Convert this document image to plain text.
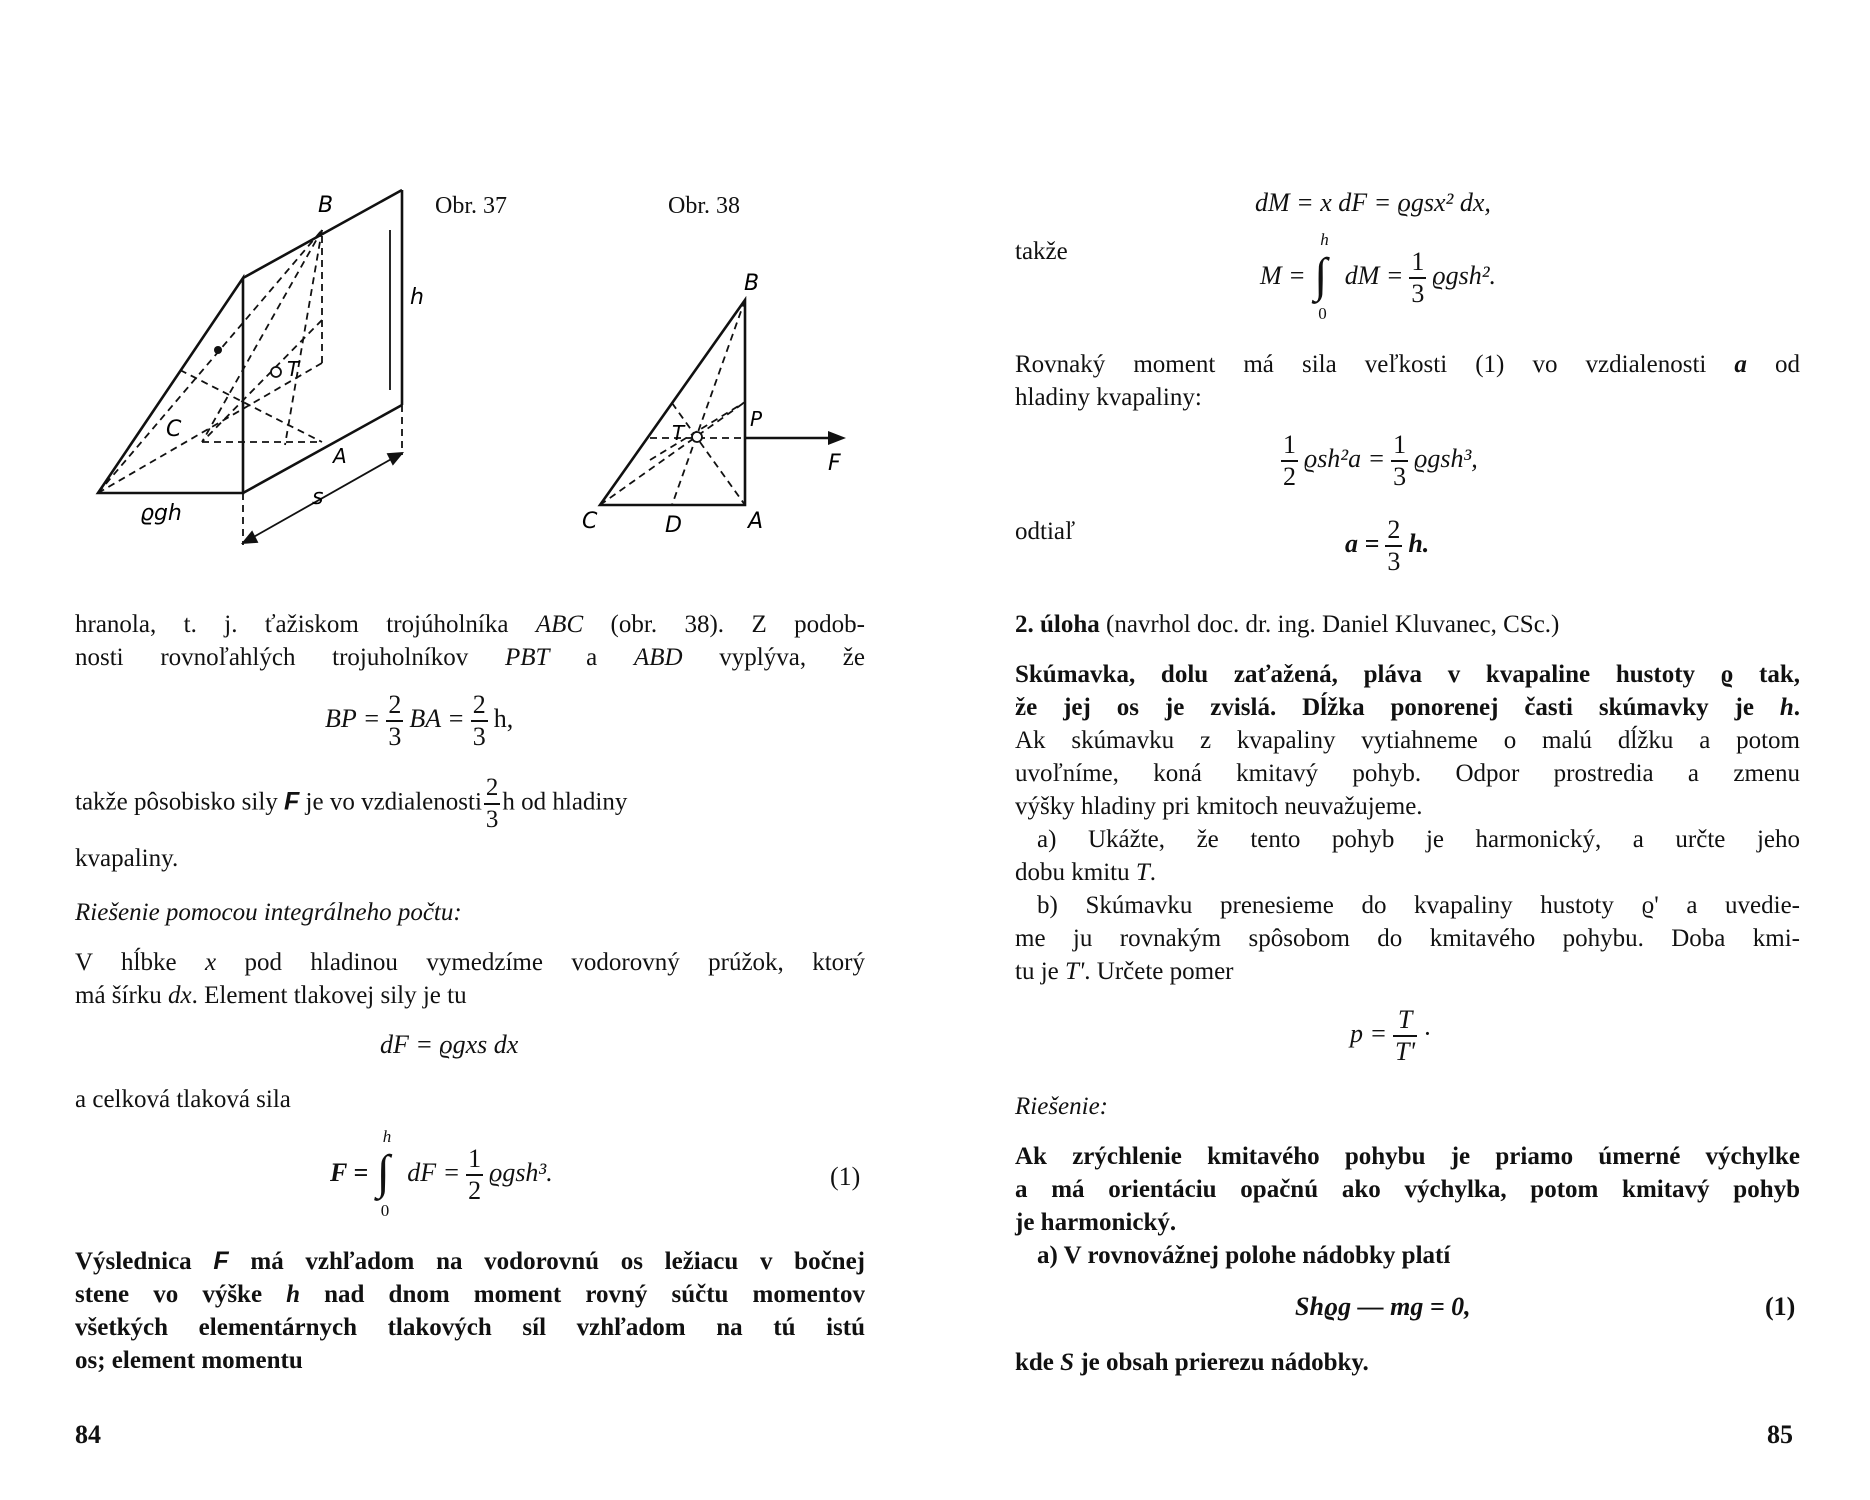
B
T
C
A
h
s
ϱgh
Obr. 37	Obr. 38
B
T
P
F
C	D	A
hranola, t. j. ťažiskom trojúholníka ABC (obr. 38). Z podob-
nosti rovnoľahlých trojuholníkov PBT a ABD vyplýva, že
BP = $\frac{2}{3}$ BA = $\frac{2}{3} h$,
takže pôsobisko sily F je vo vzdialenosti $\frac{2}{3}$ h od hladiny
kvapaliny.
Riešenie pomocou integrálneho počtu:
V hĺbke x pod hladinou vymedzíme vodorovný prúžok, ktorý
má šírku dx. Element tlakovej sily je tu
dF = ϱgxs dx
a celková tlaková sila
F = ∫
h
0
dF = $\frac{1}{2} ϱgsh^3$.	(1)
Výslednica F má vzhľadom na vodorovnú os ležiacu v bočnej
stene vo výške h nad dnom moment rovný súčtu momentov
všetkých elementárnych tlakových síl vzhľadom na tú istú
os; element momentu
84
dM = x dF = ϱgsx² dx,
takže
M = ∫
h
0
dM = $\frac{1}{3} ϱgsh^2$.
Rovnaký moment má sila veľkosti (1) vo vzdialenosti a od
hladiny kvapaliny:
$\frac{1}{2} ϱsh^2a = \frac{1}{3} ϱgsh^3$,
odtiaľ	$a = \frac{2}{3} h$.
2. úloha (navrhol doc. dr. ing. Daniel Kluvanec, CSc.)
Skúmavka, dolu zaťažená, pláva v kvapaline hustoty ϱ tak,
že jej os je zvislá. Dĺžka ponorenej časti skúmavky je h.
Ak skúmavku z kvapaliny vytiahneme o malú dĺžku a potom
uvoľníme, koná kmitavý pohyb. Odpor prostredia a zmenu
výšky hladiny pri kmitoch neuvažujeme.
a) Ukážte, že tento pohyb je harmonický, a určte jeho
dobu kmitu T.
b) Skúmavku prenesieme do kvapaliny hustoty ϱ' a uvedie-
me ju rovnakým spôsobom do kmitavého pohybu. Doba kmi-
tu je T'. Určete pomer
$p = \frac{T}{T'}$ ·
Riešenie:
Ak zrýchlenie kmitavého pohybu je priamo úmerné výchylke
a má orientáciu opačnú ako výchylka, potom kmitavý pohyb
je harmonický.
a) V rovnovážnej polohe nádobky platí
Shϱg — mg = 0,	(1)
kde S je obsah prierezu nádobky.
85
